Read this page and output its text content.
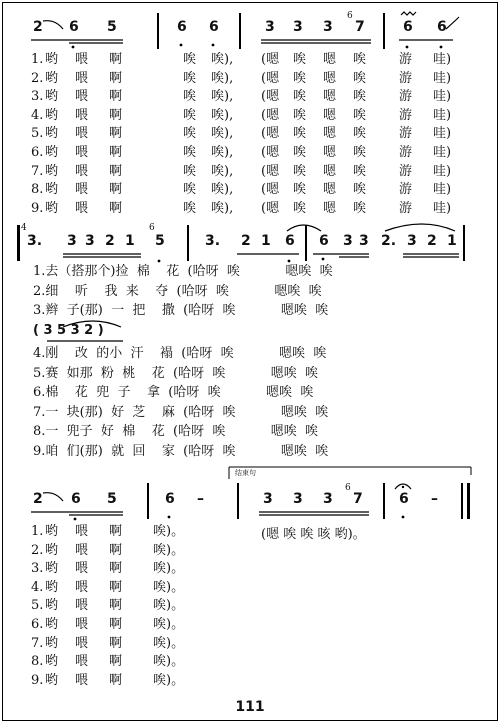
2 6 5	6 6	3 3 3 7	6 6
6
1. 哟 喂 啊	唉 唉), (嗯 唉 嗯 唉	游 哇)
2. 哟 喂 啊	唉 唉), (嗯 唉 嗯 唉	游 哇)
3. 哟 喂 啊	唉 唉), (嗯 唉 嗯 唉	游 哇)
4. 哟 喂 啊	唉 唉), (嗯 唉 嗯 唉	游 哇)
5. 哟 喂 啊	唉 唉), (嗯 唉 嗯 唉	游 哇)
6. 哟 喂 啊	唉 唉), (嗯 唉 嗯 唉	游 哇)
7. 哟 喂 啊	唉 唉), (嗯 唉 嗯 唉	游 哇)
8. 哟 喂 啊	唉 唉), (嗯 唉 嗯 唉	游 哇)
9. 哟 喂 啊	唉 唉), (嗯 唉 嗯 唉	游 哇)
3. 3 3 2 1 5	3. 2 1 6 6 3 3 2. 3 2 1
4	6
1.去（搭那个)捡  棉    花  (哈呀  唉           嗯唉  唉
2.细    听    我  来    夺  (哈呀  唉           嗯唉  唉
3.辫  子(那)  一  把    撒  (哈呀  唉           嗯唉  唉
( 3 5 3 2 )
4.刚    改  的小  汗    褟  (哈呀  唉           嗯唉  唉
5.赛  如那  粉  桃    花  (哈呀  唉           嗯唉  唉
6.棉    花  兜  子    拿  (哈呀  唉           嗯唉  唉
7.一  块(那)  好  芝    麻  (哈呀  唉           嗯唉  唉
8.一  兜子  好  棉    花  (哈呀  唉           嗯唉  唉
9.咱  们(那)  就  回    家  (哈呀  唉           嗯唉  唉
结束句
2 6 5	6 –	3 3 3 7	6 –
6
1. 哟 喂 啊 唉)。
2. 哟 喂 啊 唉)。
3. 哟 喂 啊 唉)。
4. 哟 喂 啊 唉)。
5. 哟 喂 啊 唉)。
6. 哟 喂 啊 唉)。
7. 哟 喂 啊 唉)。
8. 哟 喂 啊 唉)。
9. 哟 喂 啊 唉)。
(嗯 唉 唉 咳 哟)。
111
